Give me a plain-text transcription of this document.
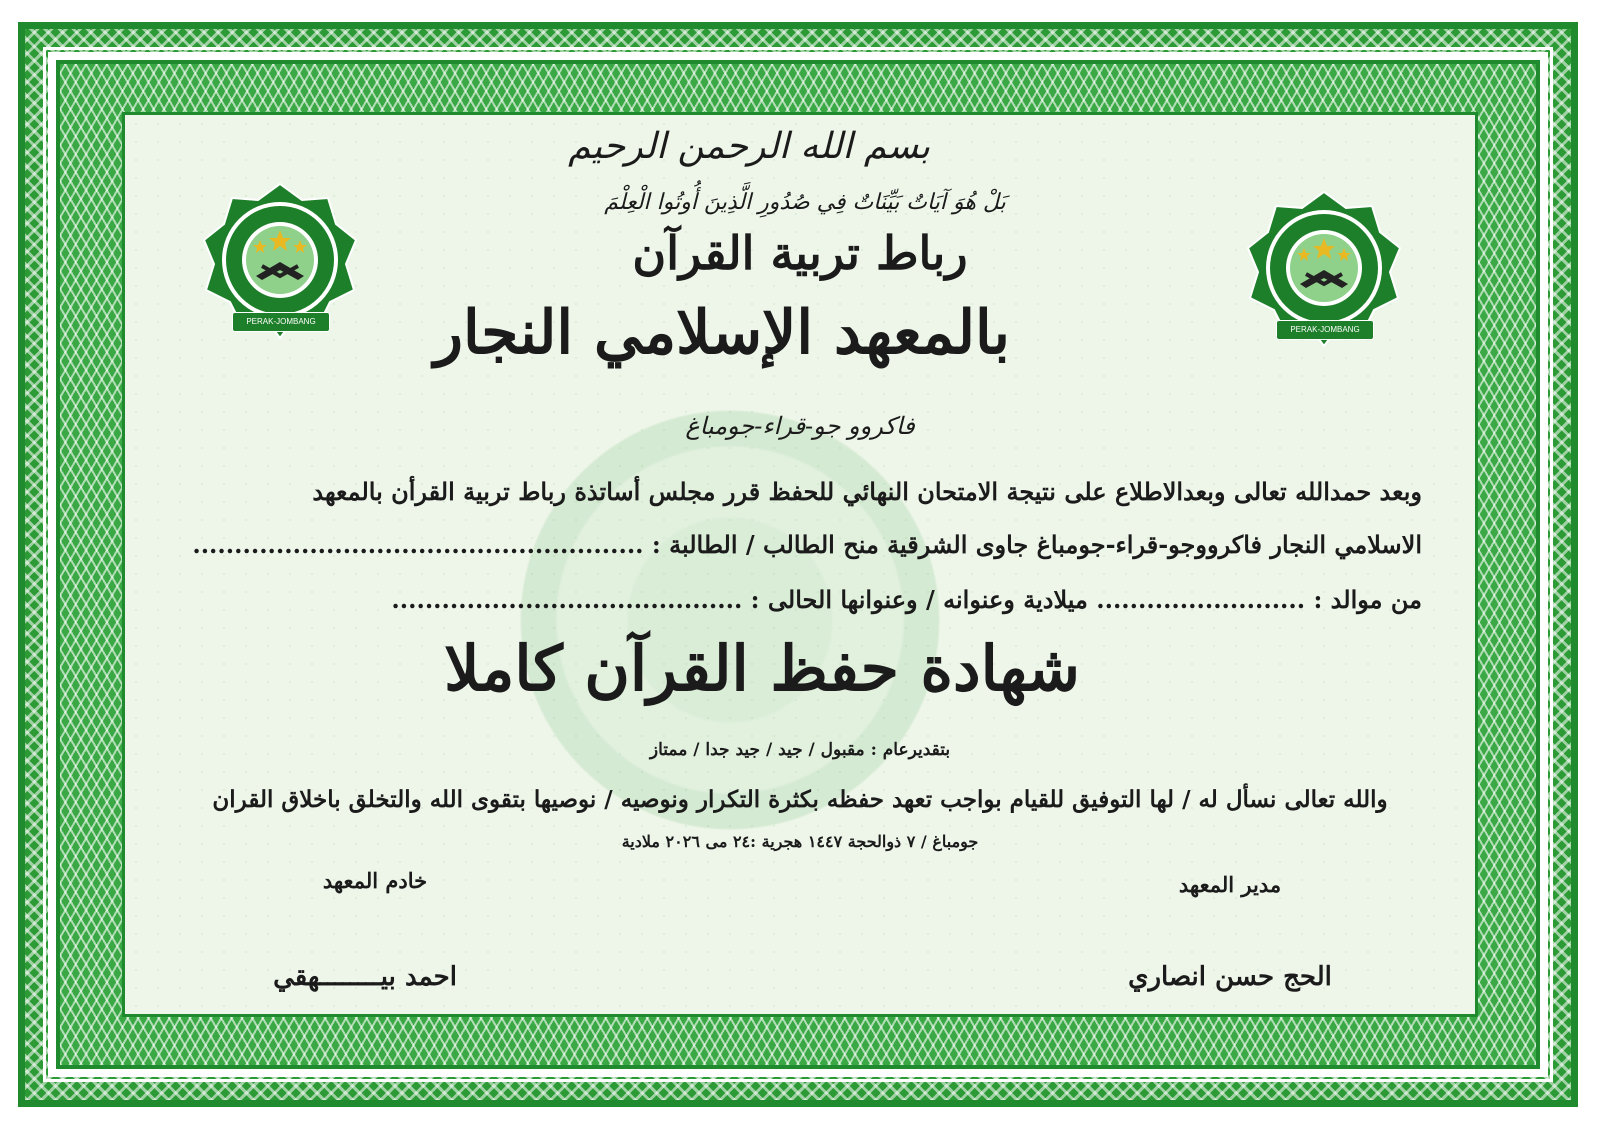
PERAK-JOMBANG
PERAK-JOMBANG
بسم الله الرحمن الرحيم
بَلْ هُوَ آيَاتٌ بَيِّنَاتٌ فِي صُدُورِ الَّذِينَ أُوتُوا الْعِلْمَ
رباط تربية القرآن
بالمعهد الإسلامي النجار
فاكروو جو-قراء-جومباغ
وبعد حمدالله تعالى وبعدالاطلاع على نتيجة الامتحان النهائي للحفظ قرر مجلس أساتذة رباط تربية القرأن بالمعهد
الاسلامي النجار فاكرووجو-قراء-جومباغ جاوى الشرقية منح الطالب / الطالبة : ......................................................
من موالد : ......................... ميلادية وعنوانه / وعنوانها الحالى : ..........................................
شهادة حفظ القرآن كاملا
بتقديرعام : مقبول / جيد / جيد جدا / ممتاز
والله تعالى نسأل له / لها التوفيق للقيام بواجب تعهد حفظه بكثرة التكرار ونوصيه / نوصيها بتقوى الله والتخلق باخلاق القران
جومباغ / ٧ ذوالحجة ١٤٤٧ هجرية :٢٤ مى ٢٠٢٦ ملادية
مدير المعهد
خادم المعهد
الحج حسن انصاري
احمد بيــــــــهقي
